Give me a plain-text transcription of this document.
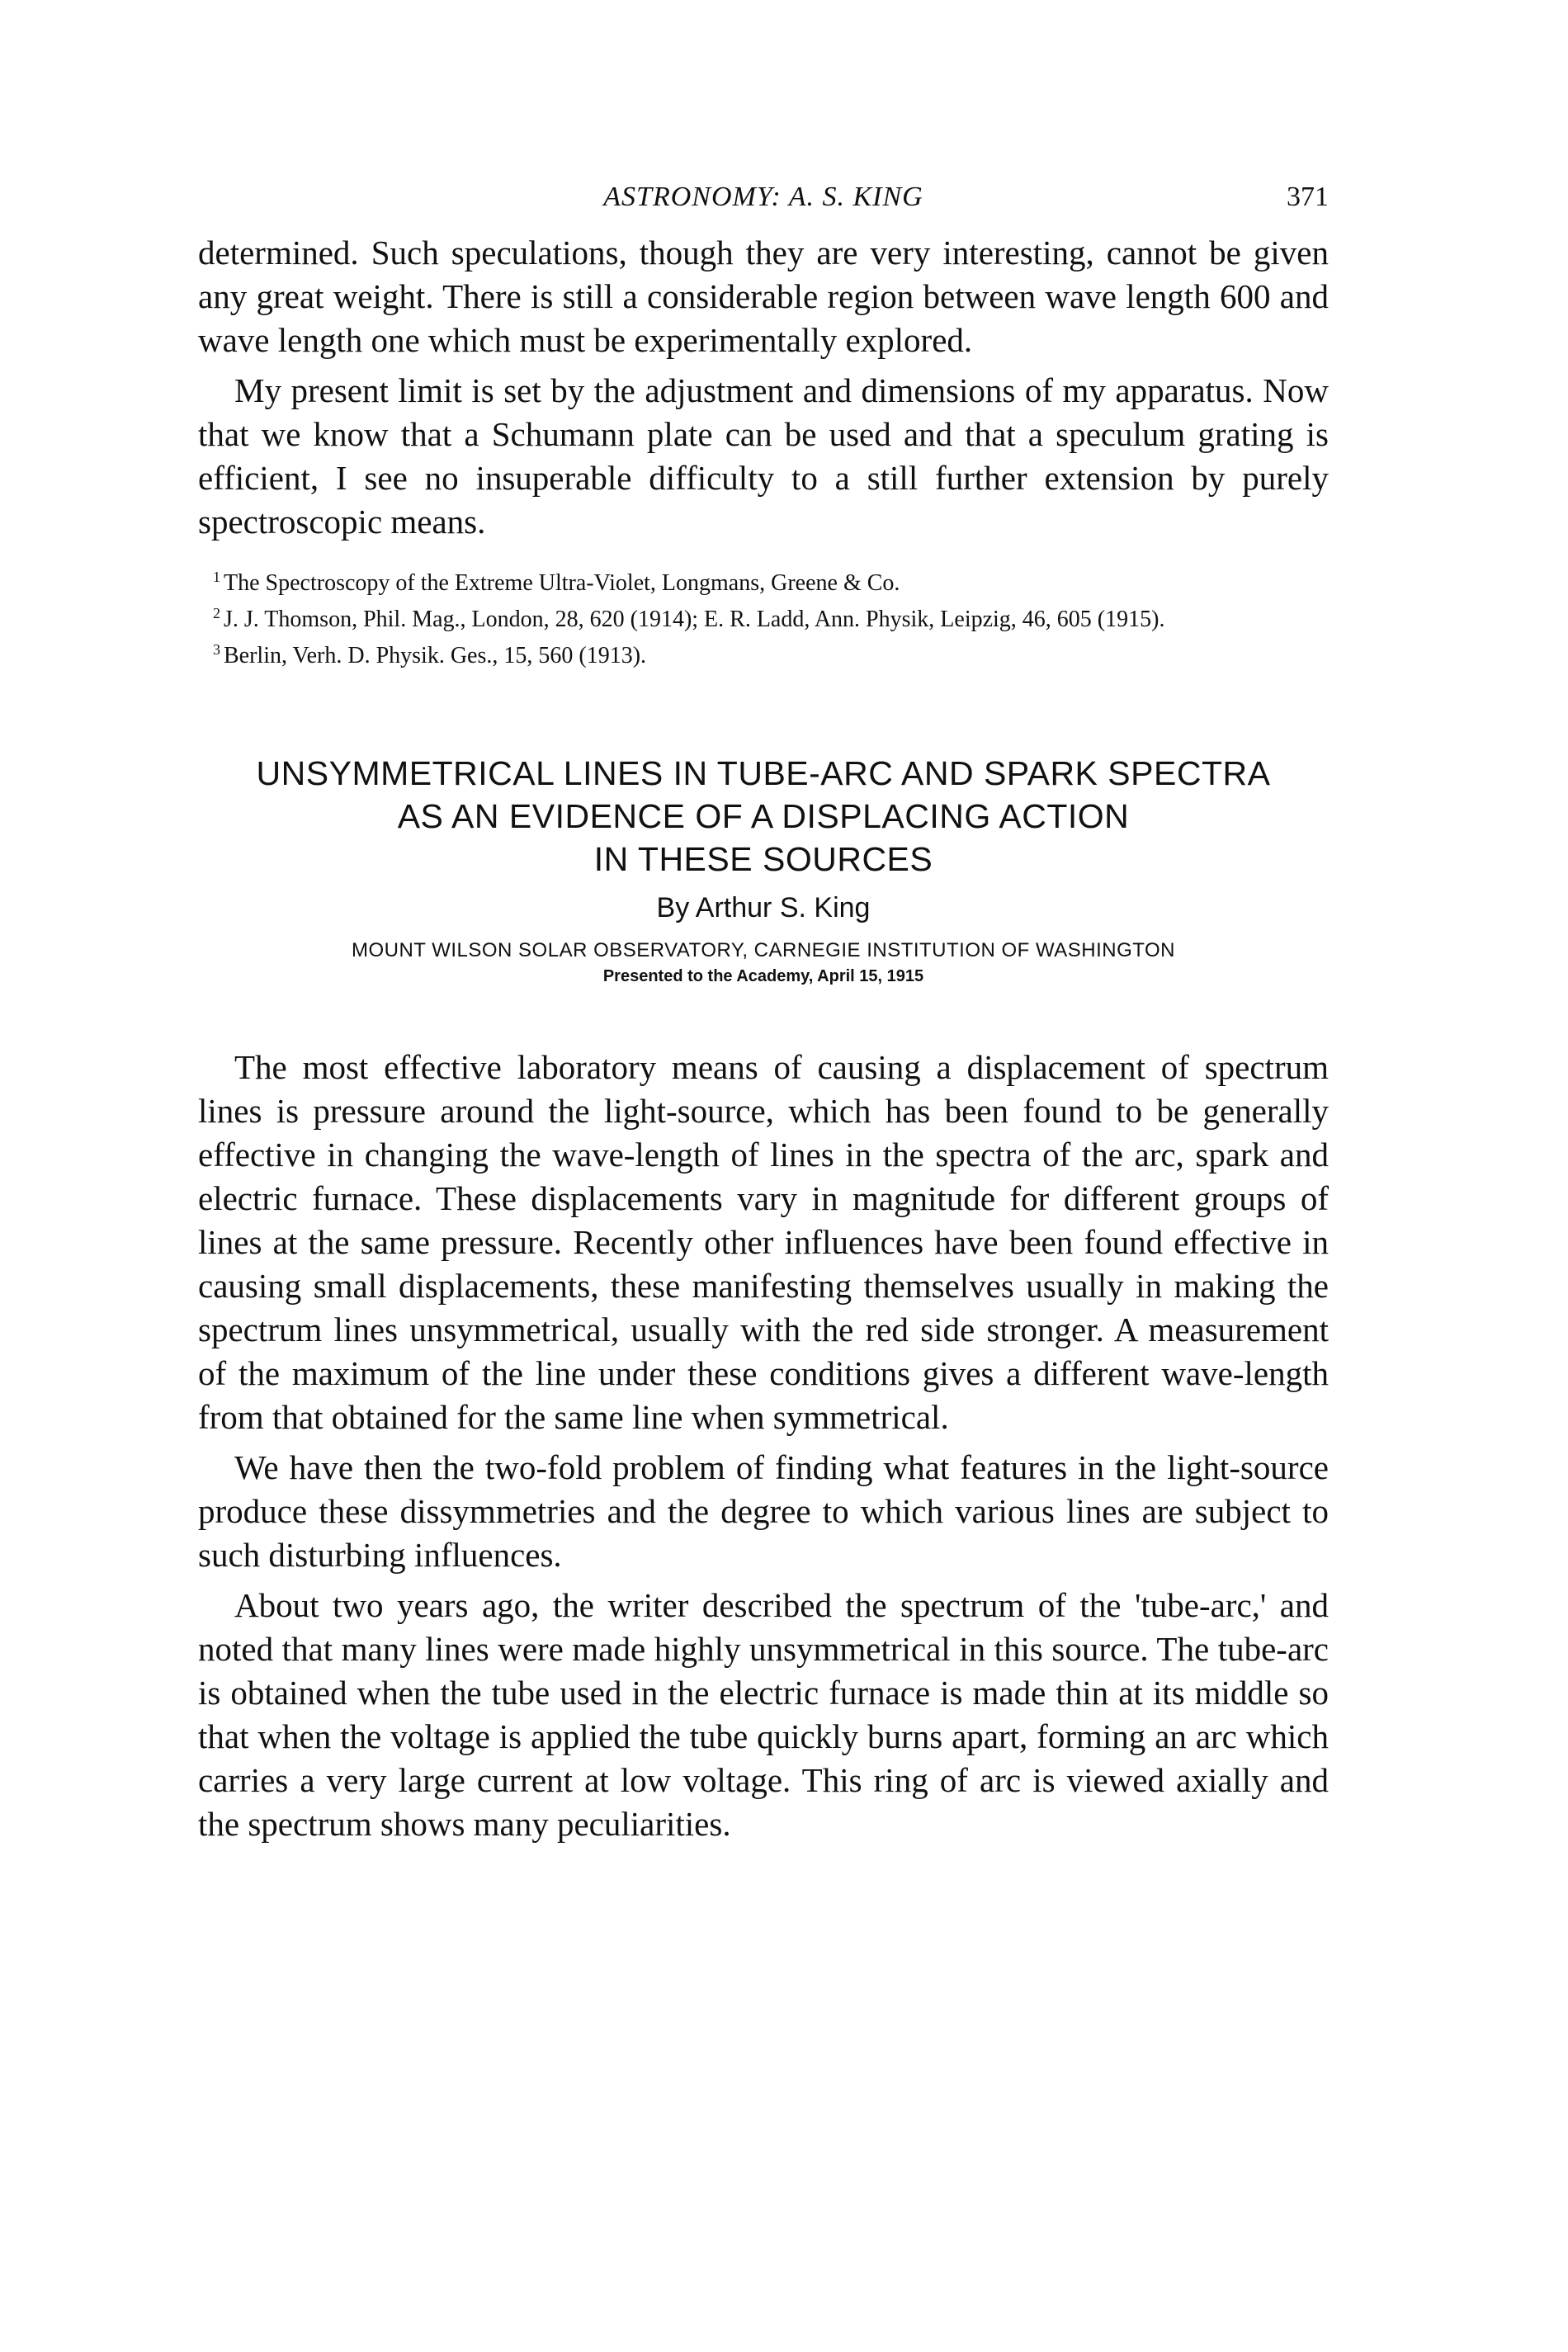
ASTRONOMY: A. S. KING	371

determined. Such speculations, though they are very interesting, cannot be given any great weight. There is still a considerable region between wave length 600 and wave length one which must be experimentally explored.

My present limit is set by the adjustment and dimensions of my apparatus. Now that we know that a Schumann plate can be used and that a speculum grating is efficient, I see no insuperable difficulty to a still further extension by purely spectroscopic means.

$^1$ The Spectroscopy of the Extreme Ultra-Violet, Longmans, Greene & Co.

$^2$ J. J. Thomson, Phil. Mag., London, 28, 620 (1914); E. R. Ladd, Ann. Physik, Leipzig, 46, 605 (1915).

$^3$ Berlin, Verh. D. Physik. Ges., 15, 560 (1913).

UNSYMMETRICAL LINES IN TUBE-ARC AND SPARK SPECTRA
AS AN EVIDENCE OF A DISPLACING ACTION
IN THESE SOURCES
By Arthur S. King
MOUNT WILSON SOLAR OBSERVATORY, CARNEGIE INSTITUTION OF WASHINGTON
Presented to the Academy, April 15, 1915

The most effective laboratory means of causing a displacement of spectrum lines is pressure around the light-source, which has been found to be generally effective in changing the wave-length of lines in the spectra of the arc, spark and electric furnace. These displacements vary in magnitude for different groups of lines at the same pressure. Recently other influences have been found effective in causing small displacements, these manifesting themselves usually in making the spectrum lines unsymmetrical, usually with the red side stronger. A measurement of the maximum of the line under these conditions gives a different wave-length from that obtained for the same line when symmetrical.

We have then the two-fold problem of finding what features in the light-source produce these dissymmetries and the degree to which various lines are subject to such disturbing influences.

About two years ago, the writer described the spectrum of the 'tube-arc,' and noted that many lines were made highly unsymmetrical in this source. The tube-arc is obtained when the tube used in the electric furnace is made thin at its middle so that when the voltage is applied the tube quickly burns apart, forming an arc which carries a very large current at low voltage. This ring of arc is viewed axially and the spectrum shows many peculiarities.
